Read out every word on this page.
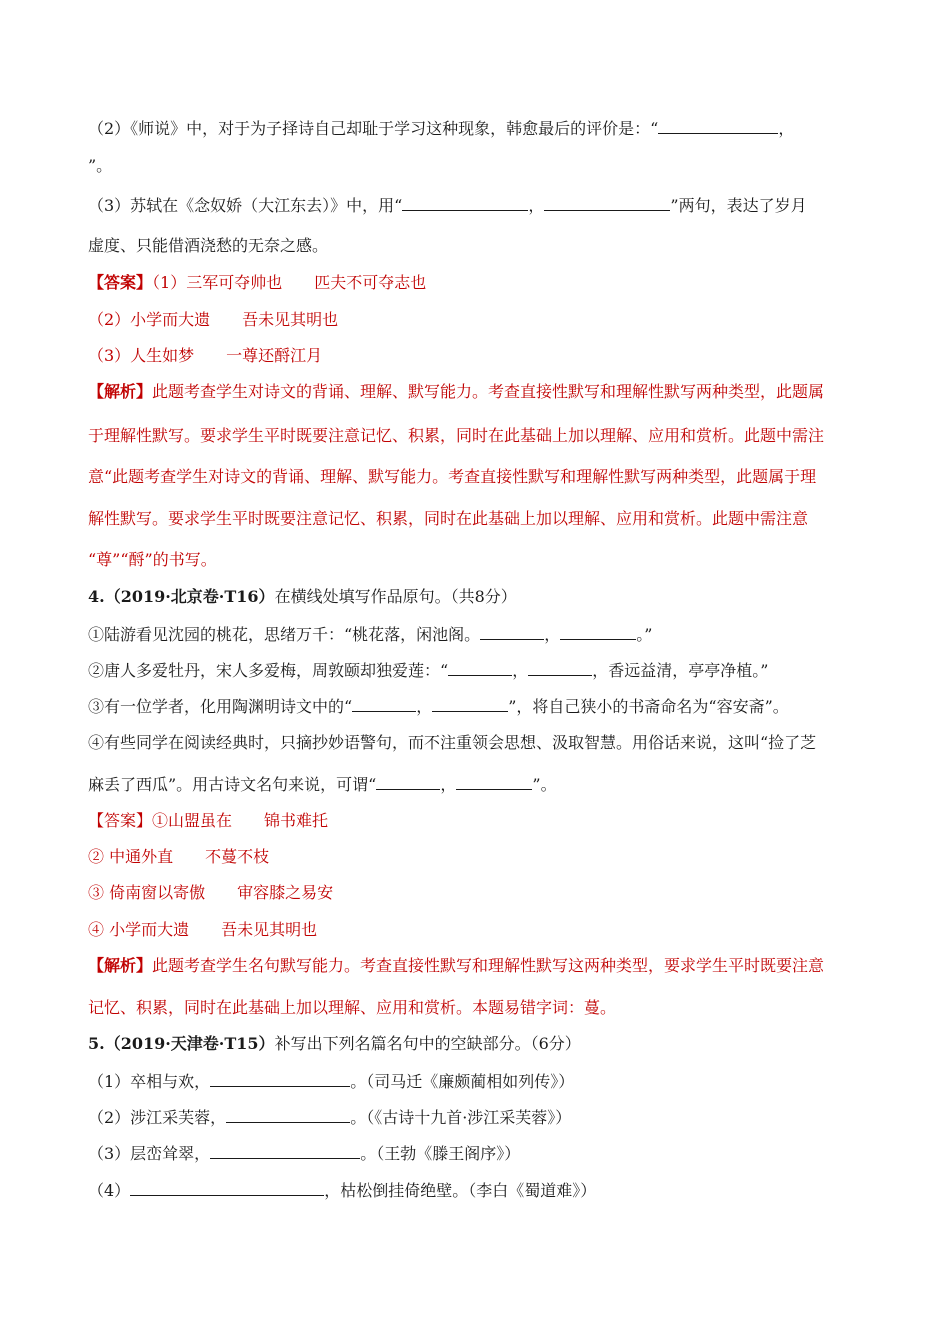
（2）《师说》中，对于为子择诗自己却耻于学习这种现象，韩愈最后的评价是：“	，
”。
（3）苏轼在《念奴娇（大江东去）》中，用“	，	”两句，表达了岁月
虚度、只能借酒浇愁的无奈之感。
【答案】（1）三军可夺帅也　　匹夫不可夺志也
（2）小学而大遗　　吾未见其明也
（3）人生如梦　　一尊还酹江月
【解析】此题考查学生对诗文的背诵、理解、默写能力。考查直接性默写和理解性默写两种类型，此题属
于理解性默写。要求学生平时既要注意记忆、积累，同时在此基础上加以理解、应用和赏析。此题中需注
意“此题考查学生对诗文的背诵、理解、默写能力。考查直接性默写和理解性默写两种类型，此题属于理
解性默写。要求学生平时既要注意记忆、积累，同时在此基础上加以理解、应用和赏析。此题中需注意
“尊”“酹”的书写。
4.（2019·北京卷·T16）在横线处填写作品原句。（共8分）
①陆游看见沈园的桃花，思绪万千：“桃花落，闲池阁。	，	。”
②唐人多爱牡丹，宋人多爱梅，周敦颐却独爱莲：“	，	，香远益清，亭亭净植。”
③有一位学者，化用陶渊明诗文中的“	，	”，将自己狭小的书斋命名为“容安斋”。
④有些同学在阅读经典时，只摘抄妙语警句，而不注重领会思想、汲取智慧。用俗话来说，这叫“捡了芝
麻丢了西瓜”。用古诗文名句来说，可谓“	，	”。
【答案】①山盟虽在　　锦书难托
② 中通外直　　不蔓不枝
③ 倚南窗以寄傲　　审容膝之易安
④ 小学而大遗　　吾未见其明也
【解析】此题考查学生名句默写能力。考查直接性默写和理解性默写这两种类型，要求学生平时既要注意
记忆、积累，同时在此基础上加以理解、应用和赏析。本题易错字词：蔓。
5.（2019·天津卷·T15）补写出下列名篇名句中的空缺部分。（6分）
（1）卒相与欢，	。（司马迁《廉颇蔺相如列传》）
（2）涉江采芙蓉，	。（《古诗十九首·涉江采芙蓉》）
（3）层峦耸翠，	。（王勃《滕王阁序》）
（4）	，枯松倒挂倚绝壁。（李白《蜀道难》）
